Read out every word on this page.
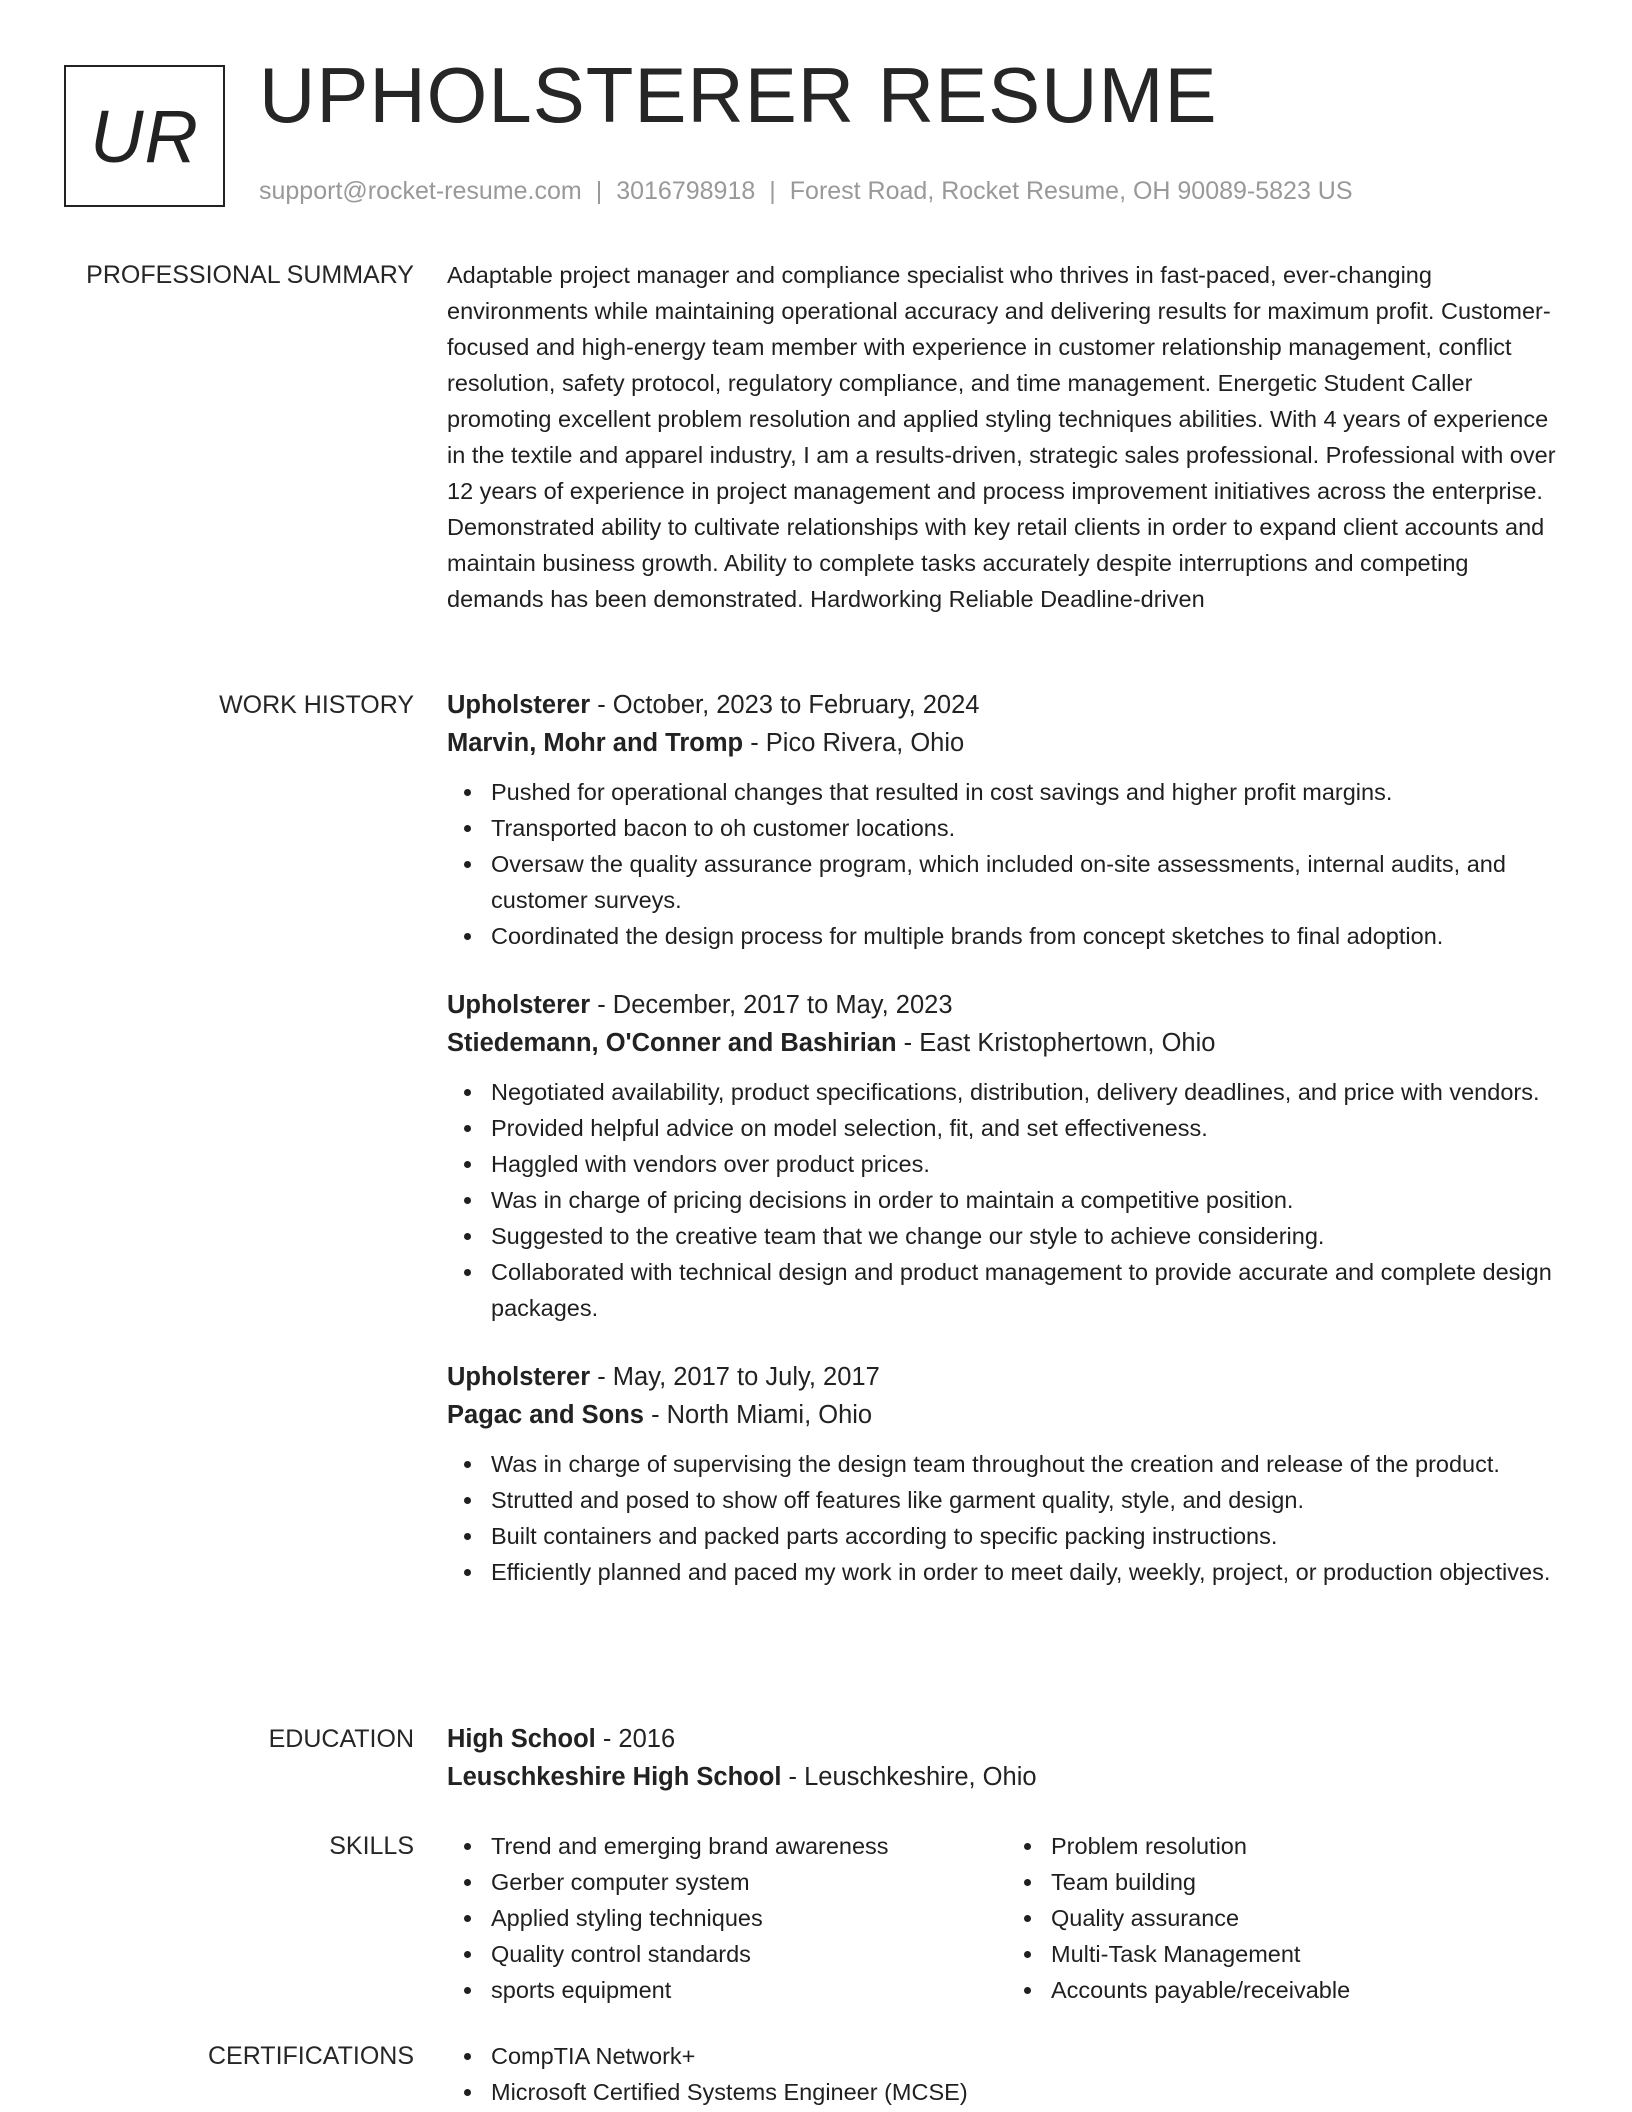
UR UPHOLSTERER RESUME
support@rocket-resume.com | 3016798918 | Forest Road, Rocket Resume, OH 90089-5823 US
PROFESSIONAL SUMMARY Adaptable project manager and compliance specialist who thrives in fast-paced, ever-changing environments while maintaining operational accuracy and delivering results for maximum profit. Customer-focused and high-energy team member with experience in customer relationship management, conflict resolution, safety protocol, regulatory compliance, and time management. Energetic Student Caller promoting excellent problem resolution and applied styling techniques abilities. With 4 years of experience in the textile and apparel industry, I am a results-driven, strategic sales professional. Professional with over 12 years of experience in project management and process improvement initiatives across the enterprise. Demonstrated ability to cultivate relationships with key retail clients in order to expand client accounts and maintain business growth. Ability to complete tasks accurately despite interruptions and competing demands has been demonstrated. Hardworking Reliable Deadline-driven

WORK HISTORY Upholsterer - October, 2023 to February, 2024
Marvin, Mohr and Tromp - Pico Rivera, Ohio
Pushed for operational changes that resulted in cost savings and higher profit margins.
Transported bacon to oh customer locations.
Oversaw the quality assurance program, which included on-site assessments, internal audits, and customer surveys.
Coordinated the design process for multiple brands from concept sketches to final adoption.
Upholsterer - December, 2017 to May, 2023
Stiedemann, O'Conner and Bashirian - East Kristophertown, Ohio
Negotiated availability, product specifications, distribution, delivery deadlines, and price with vendors.
Provided helpful advice on model selection, fit, and set effectiveness.
Haggled with vendors over product prices.
Was in charge of pricing decisions in order to maintain a competitive position.
Suggested to the creative team that we change our style to achieve considering.
Collaborated with technical design and product management to provide accurate and complete design packages.
Upholsterer - May, 2017 to July, 2017
Pagac and Sons - North Miami, Ohio
Was in charge of supervising the design team throughout the creation and release of the product.
Strutted and posed to show off features like garment quality, style, and design.
Built containers and packed parts according to specific packing instructions.
Efficiently planned and paced my work in order to meet daily, weekly, project, or production objectives.
EDUCATION High School - 2016
Leuschkeshire High School - Leuschkeshire, Ohio
SKILLS	Trend and emerging brand awareness
Gerber computer system
Applied styling techniques
Quality control standards
sports equipment
Problem resolution
Team building
Quality assurance
Multi-Task Management
Accounts payable/receivable
CERTIFICATIONS	CompTIA Network+
Microsoft Certified Systems Engineer (MCSE)
